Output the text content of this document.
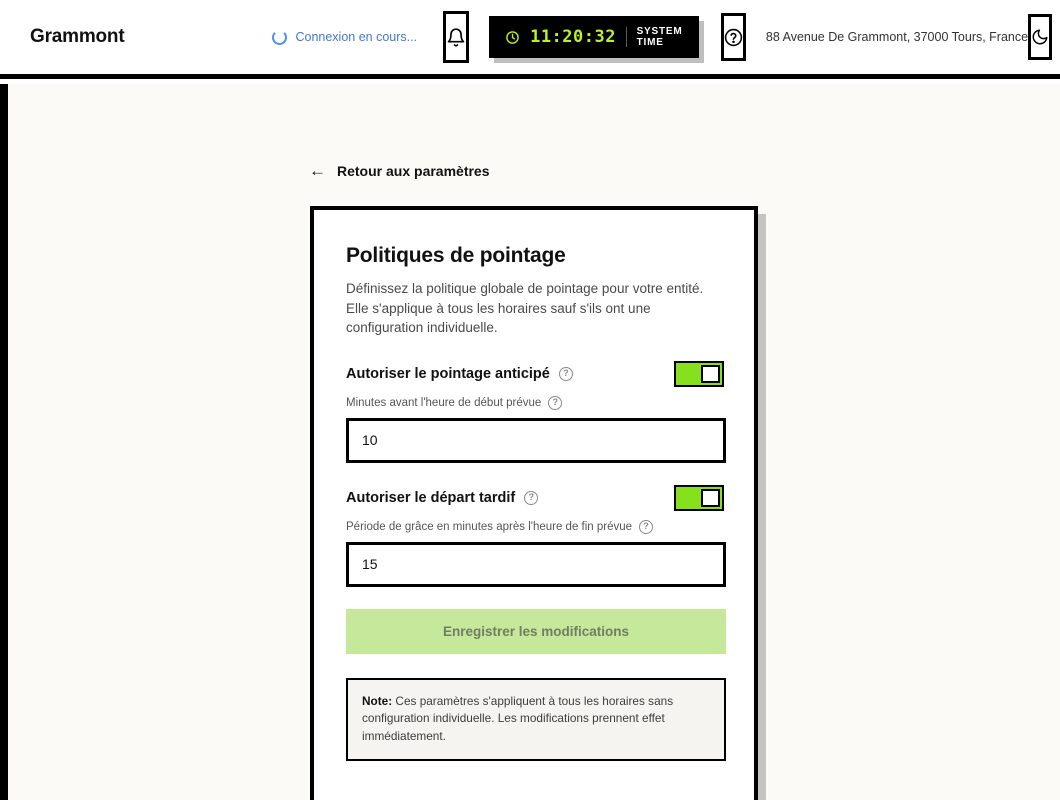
Grammont	Connexion en cours...	11:20:32 SYSTEM TIME	88 Avenue De Grammont, 37000 Tours, France
← Retour aux paramètres
Politiques de pointage
Définissez la politique globale de pointage pour votre entité. Elle s'applique à tous les horaires sauf s'ils ont une configuration individuelle.
Autoriser le pointage anticipé	?
Minutes avant l'heure de début prévue	?
10
Autoriser le départ tardif	?
Période de grâce en minutes après l'heure de fin prévue	?
15
Enregistrer les modifications
Note: Ces paramètres s'appliquent à tous les horaires sans configuration individuelle. Les modifications prennent effet immédiatement.
